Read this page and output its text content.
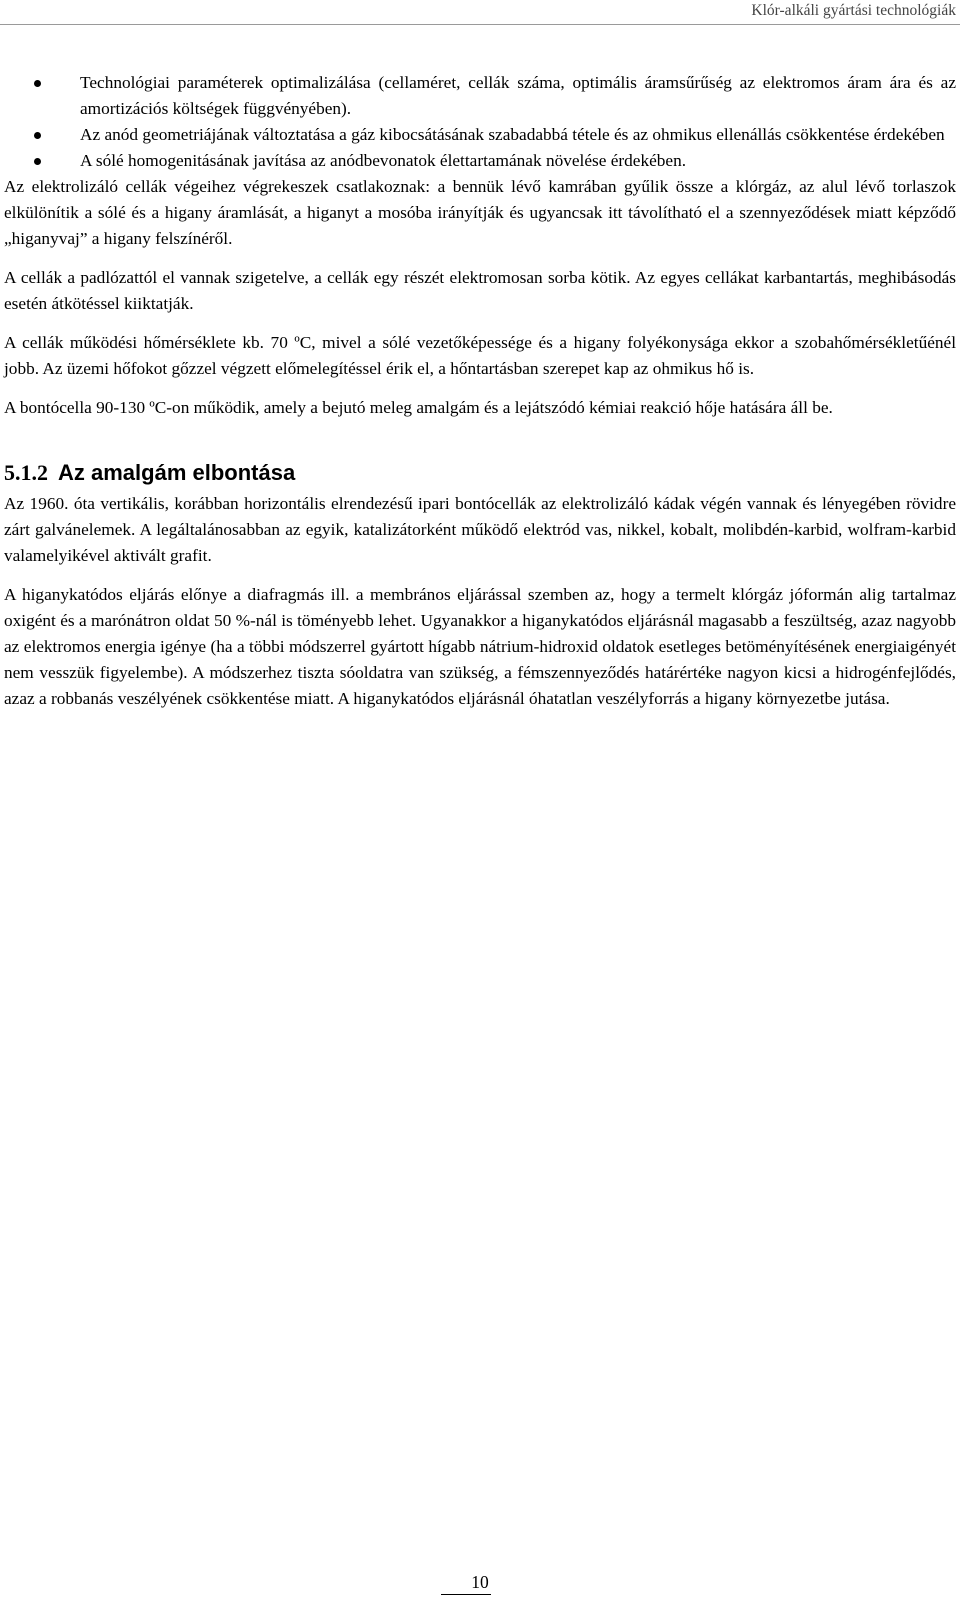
Klór-alkáli gyártási technológiák
Technológiai paraméterek optimalizálása (cellaméret, cellák száma, optimális áramsűrűség az elektromos áram ára és az amortizációs költségek függvényében).
Az anód geometriájának változtatása a gáz kibocsátásának szabadabbá tétele és az ohmikus ellenállás csökkentése érdekében
A sólé homogenitásának javítása az anódbevonatok élettartamának növelése érdekében.

Az elektrolizáló cellák végeihez végrekeszek csatlakoznak: a bennük lévő kamrában gyűlik össze a klórgáz, az alul lévő torlaszok elkülönítik a sólé és a higany áramlását, a higanyt a mosóba irányítják és ugyancsak itt távolítható el a szennyeződések miatt képződő „higanyvaj” a higany felszínéről.

A cellák a padlózattól el vannak szigetelve, a cellák egy részét elektromosan sorba kötik. Az egyes cellákat karbantartás, meghibásodás esetén átkötéssel kiiktatják.

A cellák működési hőmérséklete kb. 70 ºC, mivel a sólé vezetőképessége és a higany folyékonysága ekkor a szobahőmérsékletűénél jobb. Az üzemi hőfokot gőzzel végzett előmelegítéssel érik el, a hőntartásban szerepet kap az ohmikus hő is.

A bontócella 90-130 ºC-on működik, amely a bejutó meleg amalgám és a lejátszódó kémiai reakció hője hatására áll be.

5.1.2 Az amalgám elbontása

Az 1960. óta vertikális, korábban horizontális elrendezésű ipari bontócellák az elektrolizáló kádak végén vannak és lényegében rövidre zárt galvánelemek. A legáltalánosabban az egyik, katalizátorként működő elektród vas, nikkel, kobalt, molibdén-karbid, wolfram-karbid valamelyikével aktivált grafit.

A higanykatódos eljárás előnye a diafragmás ill. a membrános eljárással szemben az, hogy a termelt klórgáz jóformán alig tartalmaz oxigént és a marónátron oldat 50 %-nál is töményebb lehet. Ugyanakkor a higanykatódos eljárásnál magasabb a feszültség, azaz nagyobb az elektromos energia igénye (ha a többi módszerrel gyártott hígabb nátrium-hidroxid oldatok esetleges betöményítésének energiaigényét nem vesszük figyelembe). A módszerhez tiszta sóoldatra van szükség, a fémszennyeződés határértéke nagyon kicsi a hidrogénfejlődés, azaz a robbanás veszélyének csökkentése miatt. A higanykatódos eljárásnál óhatatlan veszélyforrás a higany környezetbe jutása.

10
